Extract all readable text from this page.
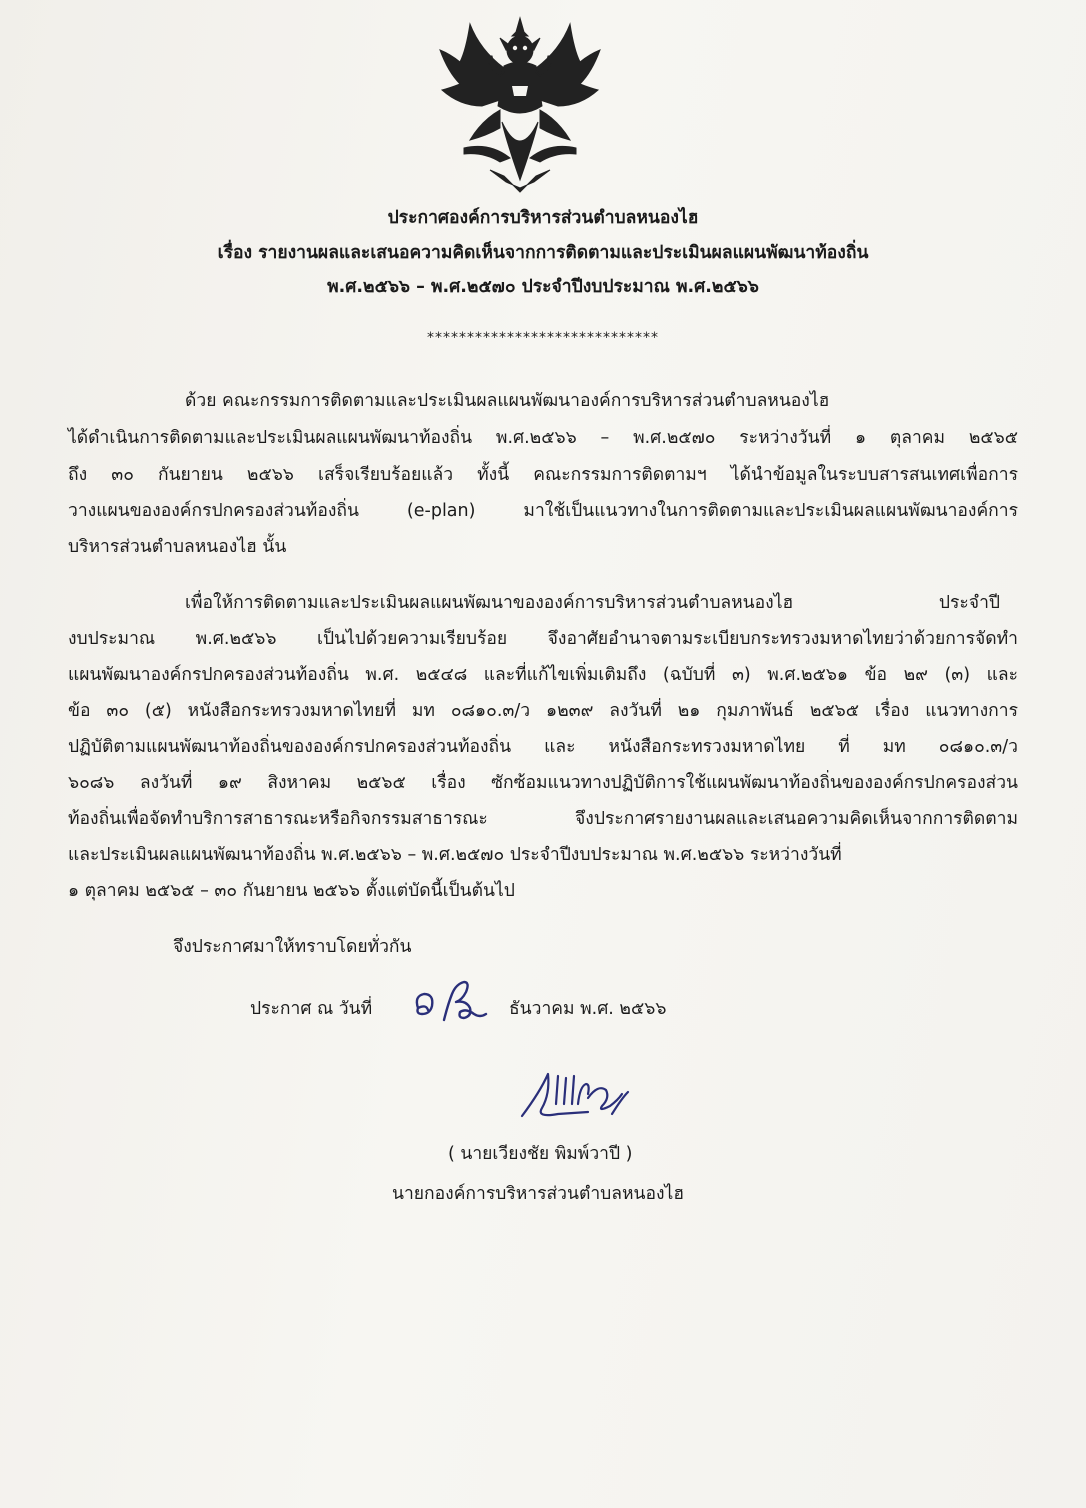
ประกาศองค์การบริหารส่วนตำบลหนองไฮ
เรื่อง รายงานผลและเสนอความคิดเห็นจากการติดตามและประเมินผลแผนพัฒนาท้องถิ่น
พ.ศ.๒๕๖๖ – พ.ศ.๒๕๗๐ ประจำปีงบประมาณ พ.ศ.๒๕๖๖
*****************************
ด้วย คณะกรรมการติดตามและประเมินผลแผนพัฒนาองค์การบริหารส่วนตำบลหนองไฮ
ได้ดำเนินการติดตามและประเมินผลแผนพัฒนาท้องถิ่น พ.ศ.๒๕๖๖ – พ.ศ.๒๕๗๐ ระหว่างวันที่ ๑ ตุลาคม ๒๕๖๕
ถึง ๓๐ กันยายน ๒๕๖๖ เสร็จเรียบร้อยแล้ว ทั้งนี้ คณะกรรมการติดตามฯ ได้นำข้อมูลในระบบสารสนเทศเพื่อการ
วางแผนขององค์กรปกครองส่วนท้องถิ่น (e-plan) มาใช้เป็นแนวทางในการติดตามและประเมินผลแผนพัฒนาองค์การ
บริหารส่วนตำบลหนองไฮ นั้น
เพื่อให้การติดตามและประเมินผลแผนพัฒนาขององค์การบริหารส่วนตำบลหนองไฮ ประจำปี
งบประมาณ พ.ศ.๒๕๖๖ เป็นไปด้วยความเรียบร้อย จึงอาศัยอำนาจตามระเบียบกระทรวงมหาดไทยว่าด้วยการจัดทำ
แผนพัฒนาองค์กรปกครองส่วนท้องถิ่น พ.ศ. ๒๕๔๘ และที่แก้ไขเพิ่มเติมถึง (ฉบับที่ ๓) พ.ศ.๒๕๖๑ ข้อ ๒๙ (๓) และ
ข้อ ๓๐ (๕) หนังสือกระทรวงมหาดไทยที่ มท ๐๘๑๐.๓/ว ๑๒๓๙ ลงวันที่ ๒๑ กุมภาพันธ์ ๒๕๖๕ เรื่อง แนวทางการ
ปฏิบัติตามแผนพัฒนาท้องถิ่นขององค์กรปกครองส่วนท้องถิ่น และ หนังสือกระทรวงมหาดไทย ที่ มท ๐๘๑๐.๓/ว
๖๐๘๖ ลงวันที่ ๑๙ สิงหาคม ๒๕๖๕ เรื่อง ซักซ้อมแนวทางปฏิบัติการใช้แผนพัฒนาท้องถิ่นขององค์กรปกครองส่วน
ท้องถิ่นเพื่อจัดทำบริการสาธารณะหรือกิจกรรมสาธารณะ จึงประกาศรายงานผลและเสนอความคิดเห็นจากการติดตาม
และประเมินผลแผนพัฒนาท้องถิ่น พ.ศ.๒๕๖๖ – พ.ศ.๒๕๗๐ ประจำปีงบประมาณ พ.ศ.๒๕๖๖ ระหว่างวันที่
๑ ตุลาคม ๒๕๖๕ – ๓๐ กันยายน ๒๕๖๖ ตั้งแต่บัดนี้เป็นต้นไป
จึงประกาศมาให้ทราบโดยทั่วกัน
ประกาศ ณ วันที่	ธันวาคม พ.ศ. ๒๕๖๖
( นายเวียงชัย พิมพ์วาปี )
นายกองค์การบริหารส่วนตำบลหนองไฮ
